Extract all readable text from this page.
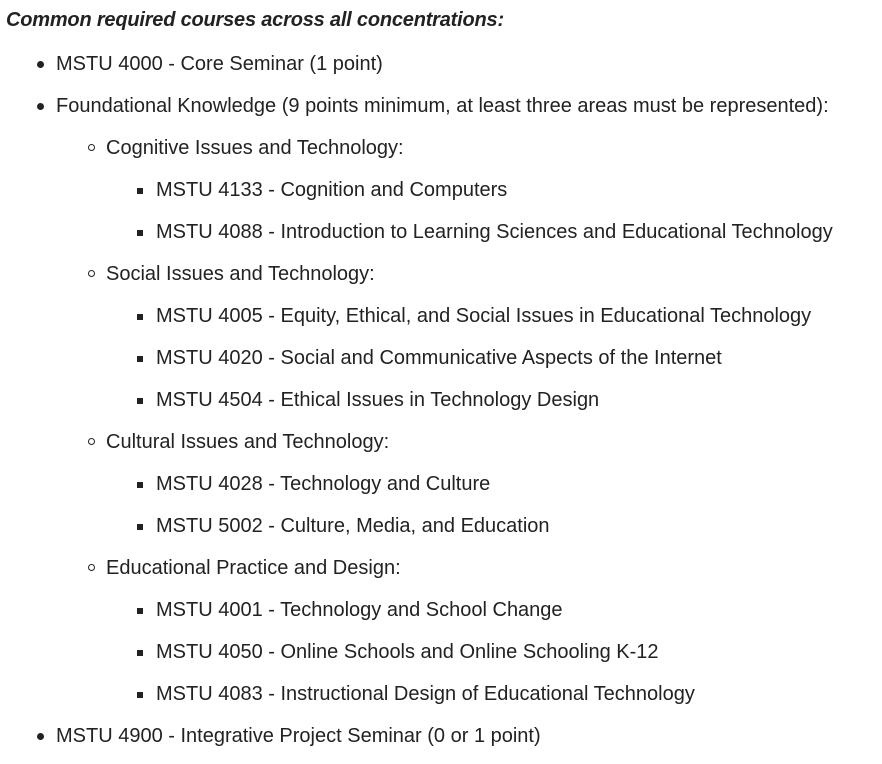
Common required courses across all concentrations:
MSTU 4000 - Core Seminar (1 point)
Foundational Knowledge (9 points minimum, at least three areas must be represented):
Cognitive Issues and Technology:
MSTU 4133 - Cognition and Computers
MSTU 4088 - Introduction to Learning Sciences and Educational Technology
Social Issues and Technology:
MSTU 4005 - Equity, Ethical, and Social Issues in Educational Technology
MSTU 4020 - Social and Communicative Aspects of the Internet
MSTU 4504 - Ethical Issues in Technology Design
Cultural Issues and Technology:
MSTU 4028 - Technology and Culture
MSTU 5002 - Culture, Media, and Education
Educational Practice and Design:
MSTU 4001 - Technology and School Change
MSTU 4050 - Online Schools and Online Schooling K-12
MSTU 4083 - Instructional Design of Educational Technology
MSTU 4900 - Integrative Project Seminar (0 or 1 point)
